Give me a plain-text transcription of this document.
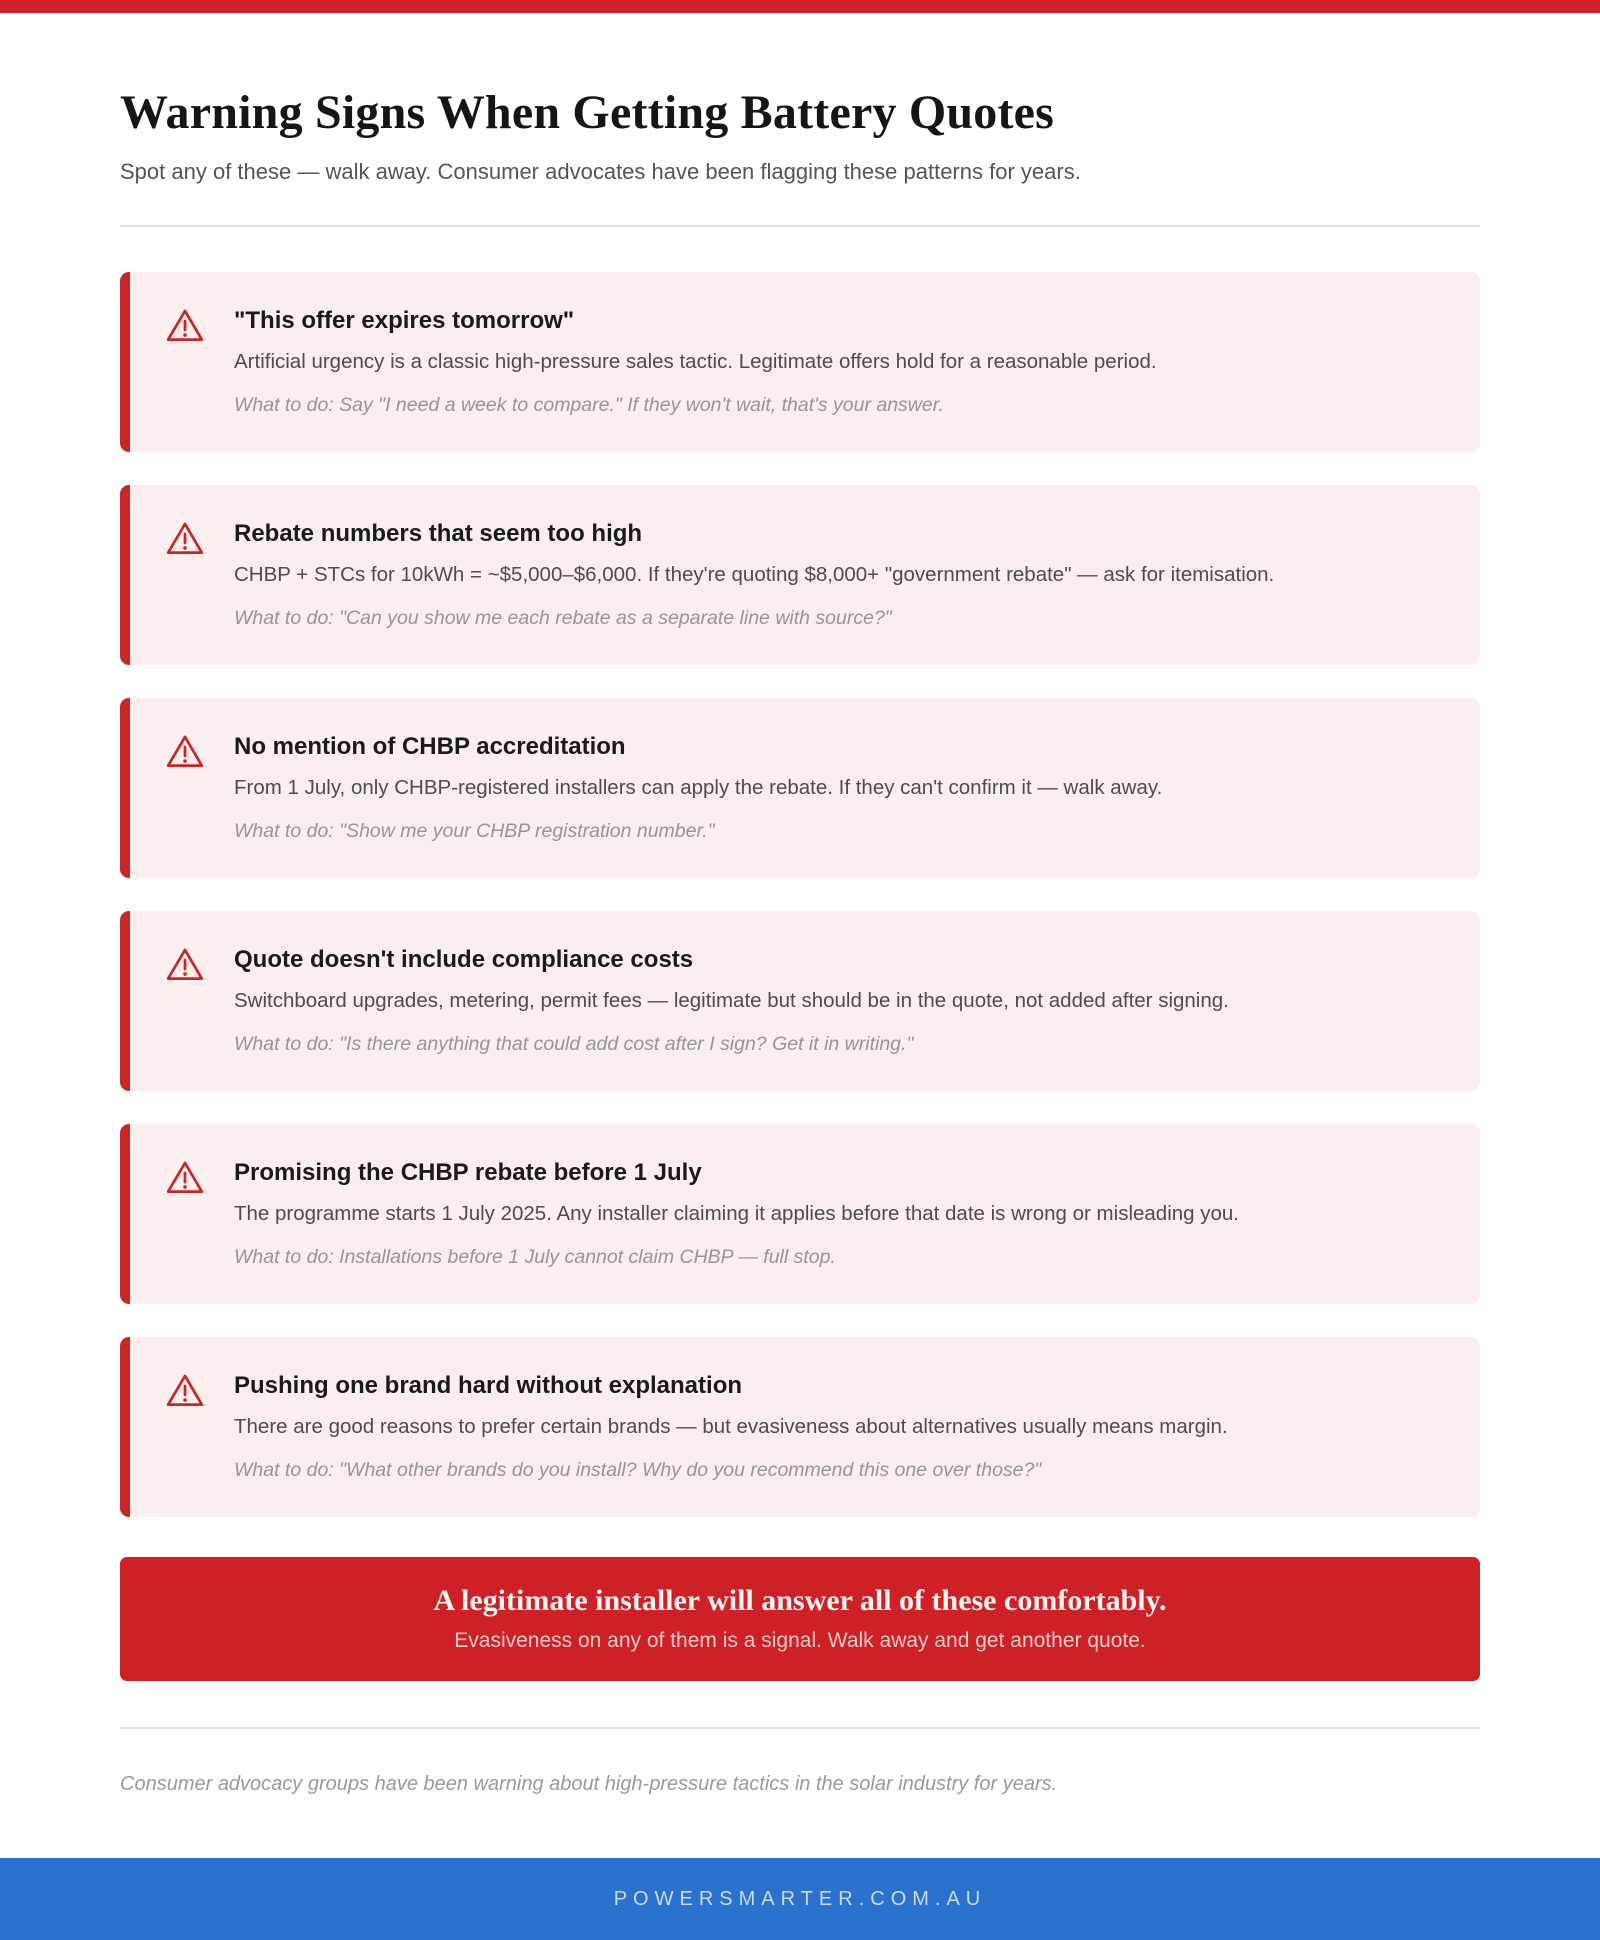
Warning Signs When Getting Battery Quotes

Spot any of these — walk away. Consumer advocates have been flagging these patterns for years.

"This offer expires tomorrow"

Artificial urgency is a classic high-pressure sales tactic. Legitimate offers hold for a reasonable period.

What to do: Say "I need a week to compare." If they won't wait, that's your answer.

Rebate numbers that seem too high

CHBP + STCs for 10kWh = ~$5,000–$6,000. If they're quoting $8,000+ "government rebate" — ask for itemisation.

What to do: "Can you show me each rebate as a separate line with source?"

No mention of CHBP accreditation

From 1 July, only CHBP-registered installers can apply the rebate. If they can't confirm it — walk away.

What to do: "Show me your CHBP registration number."

Quote doesn't include compliance costs

Switchboard upgrades, metering, permit fees — legitimate but should be in the quote, not added after signing.

What to do: "Is there anything that could add cost after I sign? Get it in writing."

Promising the CHBP rebate before 1 July

The programme starts 1 July 2025. Any installer claiming it applies before that date is wrong or misleading you.

What to do: Installations before 1 July cannot claim CHBP — full stop.

Pushing one brand hard without explanation

There are good reasons to prefer certain brands — but evasiveness about alternatives usually means margin.

What to do: "What other brands do you install? Why do you recommend this one over those?"

A legitimate installer will answer all of these comfortably.

Evasiveness on any of them is a signal. Walk away and get another quote.

Consumer advocacy groups have been warning about high-pressure tactics in the solar industry for years.

POWERSMARTER.COM.AU
